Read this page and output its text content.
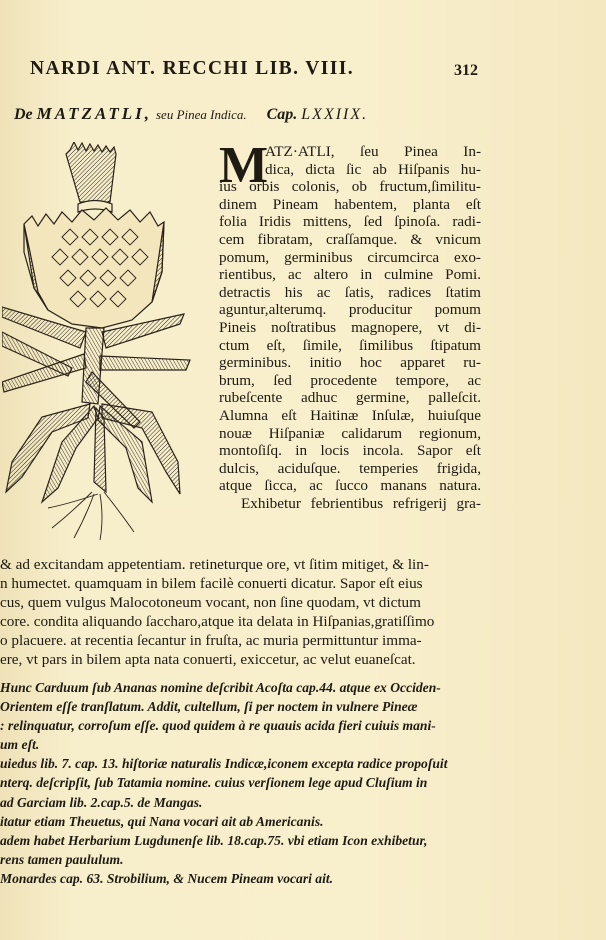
NARDI ANT. RECCHI LIB. VIII.	312
De MATZATLI, seu Pinea Indica. Cap. LXXIIX.
M
ATZ·ATLI, ſeu Pinea In-
dica, dicta ſic ab Hiſpanis hu-
ius orbis colonis, ob fructum,ſimilitu-
dinem Pineam habentem, planta eſt
folia Iridis mittens, ſed ſpinoſa. radi-
cem fibratam, craſſamque. & vnicum
pomum, germinibus circumcirca exo-
rientibus, ac altero in culmine Pomi.
detractis his ac ſatis, radices ſtatim
aguntur,alterumq. producitur pomum
Pineis noſtratibus magnopere, vt di-
ctum eſt, ſimile, ſimilibus ſtipatum
germinibus. initio hoc apparet ru-
brum, ſed procedente tempore, ac
rubeſcente adhuc germine, palleſcit.
Alumna eſt Haitinæ Inſulæ, huiuſque
nouæ Hiſpaniæ calidarum regionum,
montoſiſq. in locis incola. Sapor eſt
dulcis, aciduſque. temperies frigida,
atque ſicca, ac ſucco manans natura.
Exhibetur febrientibus refrigerij gra-
& ad excitandam appetentiam. retineturque ore, vt ſitim mitiget, & lin-
n humectet. quamquam in bilem facilè conuerti dicatur. Sapor eſt eius
cus, quem vulgus Malocotoneum vocant, non ſine quodam, vt dictum
core. condita aliquando ſaccharo,atque ita delata in Hiſpanias,gratiſſimo
o placuere. at recentia ſecantur in fruſta, ac muria permittuntur imma-
ere, vt pars in bilem apta nata conuerti, exiccetur, ac velut euaneſcat.
Hunc Carduum ſub Ananas nomine deſcribit Acoſta cap.44. atque ex Occiden-
Orientem eſſe tranſlatum. Addit, cultellum, ſi per noctem in vulnere Pineæ
: relinquatur, corroſum eſſe. quod quidem à re quauis acida fieri cuiuis mani-
um eſt.
uiedus lib. 7. cap. 13. hiſtoriæ naturalis Indicæ,iconem excepta radice propoſuit
nterq. deſcripſit, ſub Tatamia nomine. cuius verſionem lege apud Cluſium in
ad Garciam lib. 2.cap.5. de Mangas.
itatur etiam Theuetus, qui Nana vocari ait ab Americanis.
adem habet Herbarium Lugdunenſe lib. 18.cap.75. vbi etiam Icon exhibetur,
rens tamen paululum.
Monardes cap. 63. Strobilium, & Nucem Pineam vocari ait.
